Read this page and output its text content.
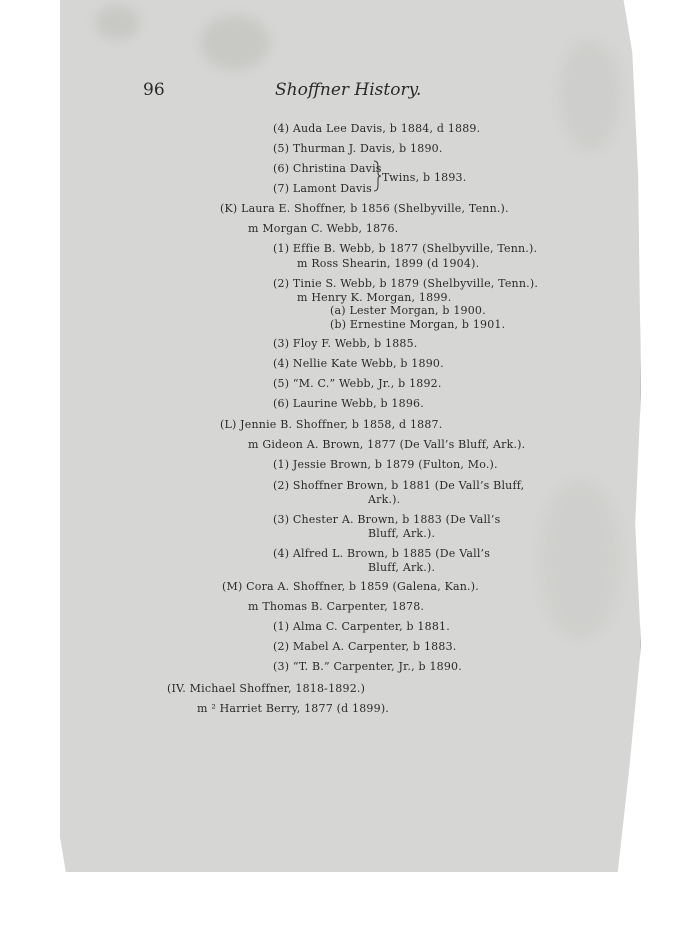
96	Shoffner History.
(4) Auda Lee Davis, b 1884, d 1889.
(5) Thurman J. Davis, b 1890.
(6) Christina Davis
(7) Lamont Davis
Twins, b 1893.
(K) Laura E. Shoffner, b 1856 (Shelbyville, Tenn.).
m Morgan C. Webb, 1876.
(1) Effie B. Webb, b 1877 (Shelbyville, Tenn.).
m Ross Shearin, 1899 (d 1904).
(2) Tinie S. Webb, b 1879 (Shelbyville, Tenn.).
m Henry K. Morgan, 1899.
(a) Lester Morgan, b 1900.
(b) Ernestine Morgan, b 1901.
(3) Floy F. Webb, b 1885.
(4) Nellie Kate Webb, b 1890.
(5) “M. C.” Webb, Jr., b 1892.
(6) Laurine Webb, b 1896.
(L) Jennie B. Shoffner, b 1858, d 1887.
m Gideon A. Brown, 1877 (De Vall’s Bluff, Ark.).
(1) Jessie Brown, b 1879 (Fulton, Mo.).
(2) Shoffner Brown, b 1881 (De Vall’s Bluff,
Ark.).
(3) Chester A. Brown, b 1883 (De Vall’s
Bluff, Ark.).
(4) Alfred L. Brown, b 1885 (De Vall’s
Bluff, Ark.).
(M) Cora A. Shoffner, b 1859 (Galena, Kan.).
m Thomas B. Carpenter, 1878.
(1) Alma C. Carpenter, b 1881.
(2) Mabel A. Carpenter, b 1883.
(3) “T. B.” Carpenter, Jr., b 1890.
(IV. Michael Shoffner, 1818-1892.)
m ² Harriet Berry, 1877 (d 1899).
